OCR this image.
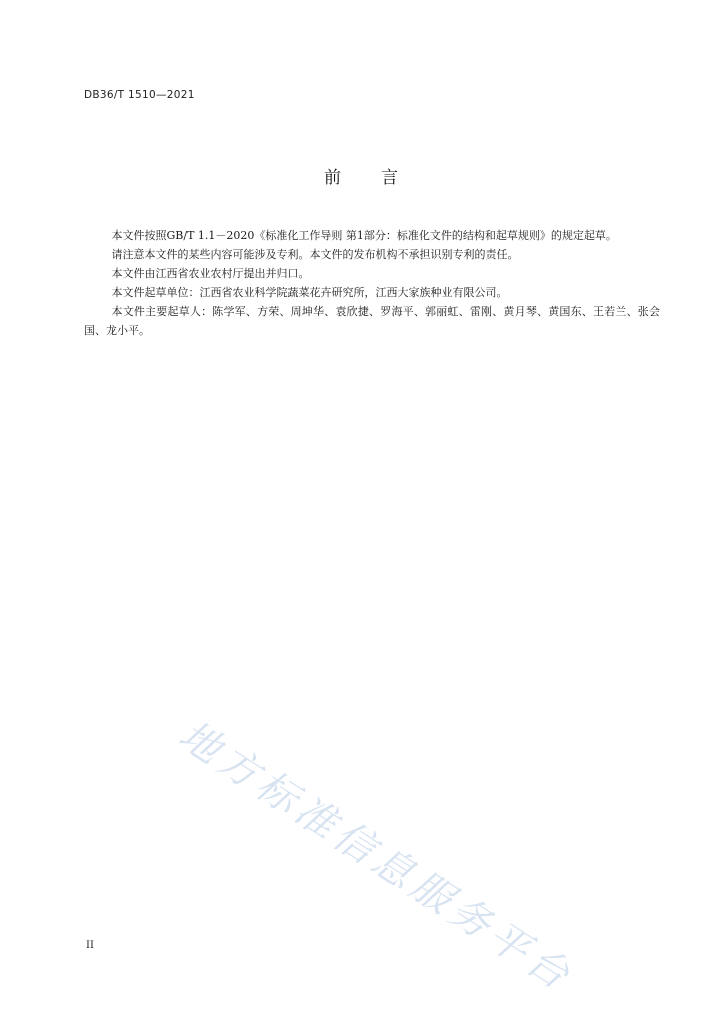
DB36/T 1510—2021
前 言

本文件按照GB/T 1.1－2020《标准化工作导则 第1部分：标准化文件的结构和起草规则》的规定起草。

请注意本文件的某些内容可能涉及专利。本文件的发布机构不承担识别专利的责任。

本文件由江西省农业农村厅提出并归口。

本文件起草单位：江西省农业科学院蔬菜花卉研究所，江西大家族种业有限公司。

本文件主要起草人：陈学军、方荣、周坤华、袁欣捷、罗海平、郭丽虹、雷刚、黄月琴、黄国东、王若兰、张会国、龙小平。

地方标准信息服务平台
II
